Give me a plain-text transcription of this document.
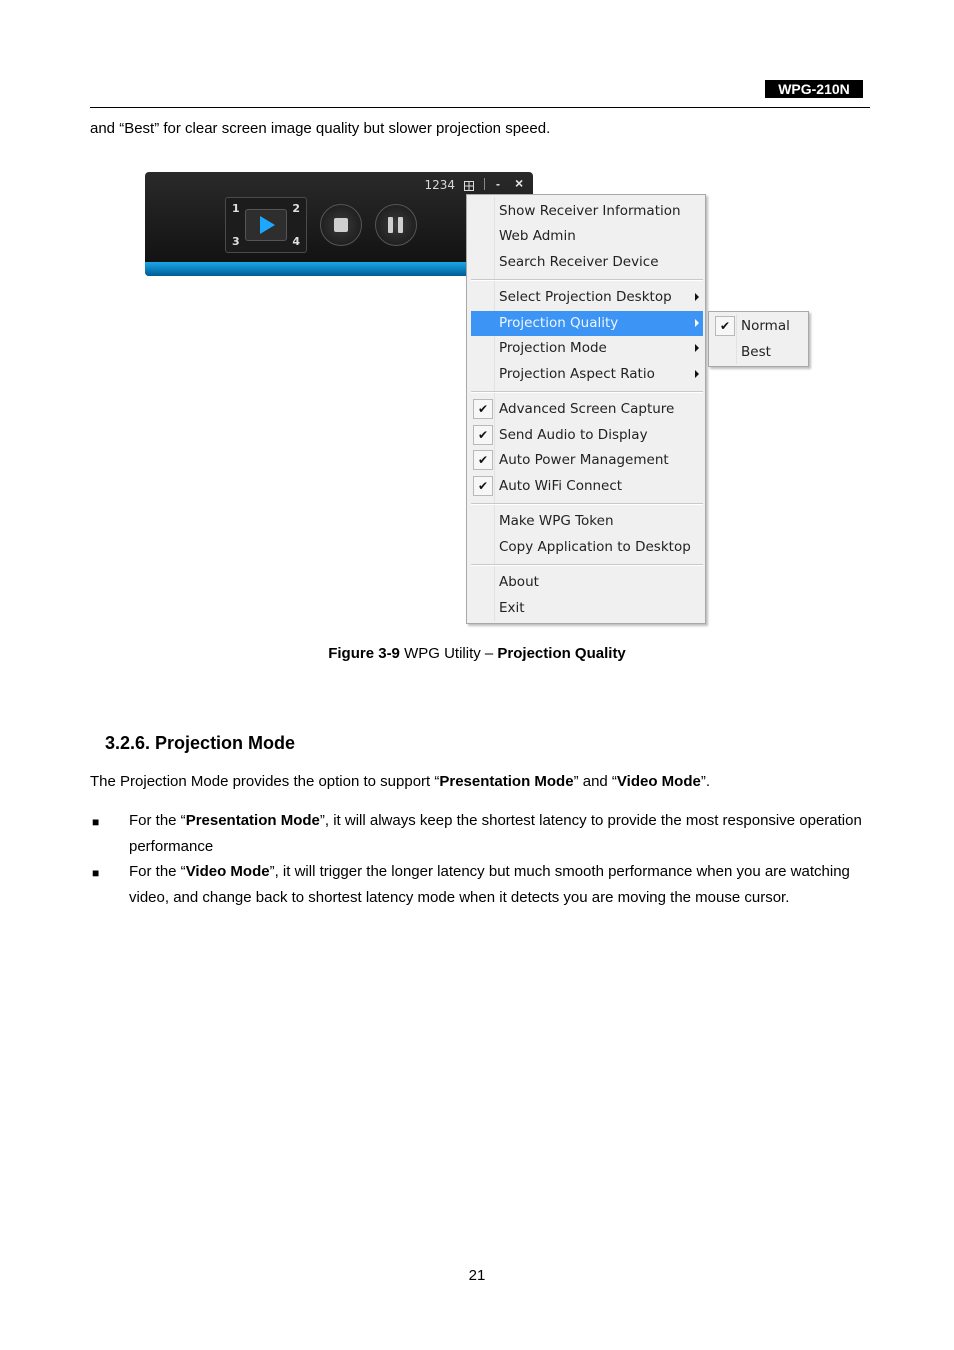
WPG-210N
and “Best” for clear screen image quality but slower projection speed.
1234	- ×
1	2
3	4
Show Receiver Information
Web Admin
Search Receiver Device
Select Projection Desktop
Projection Quality
Projection Mode
Projection Aspect Ratio
✔ Advanced Screen Capture
✔ Send Audio to Display
✔ Auto Power Management
✔ Auto WiFi Connect
Make WPG Token
Copy Application to Desktop
About
Exit
✔ Normal
Best
Figure 3-9 WPG Utility – Projection Quality
3.2.6. Projection Mode
The Projection Mode provides the option to support “Presentation Mode” and “Video Mode”.
■ For the “Presentation Mode”, it will always keep the shortest latency to provide the most responsive operation performance
■ For the “Video Mode”, it will trigger the longer latency but much smooth performance when you are watching video, and change back to shortest latency mode when it detects you are moving the mouse cursor.
21
